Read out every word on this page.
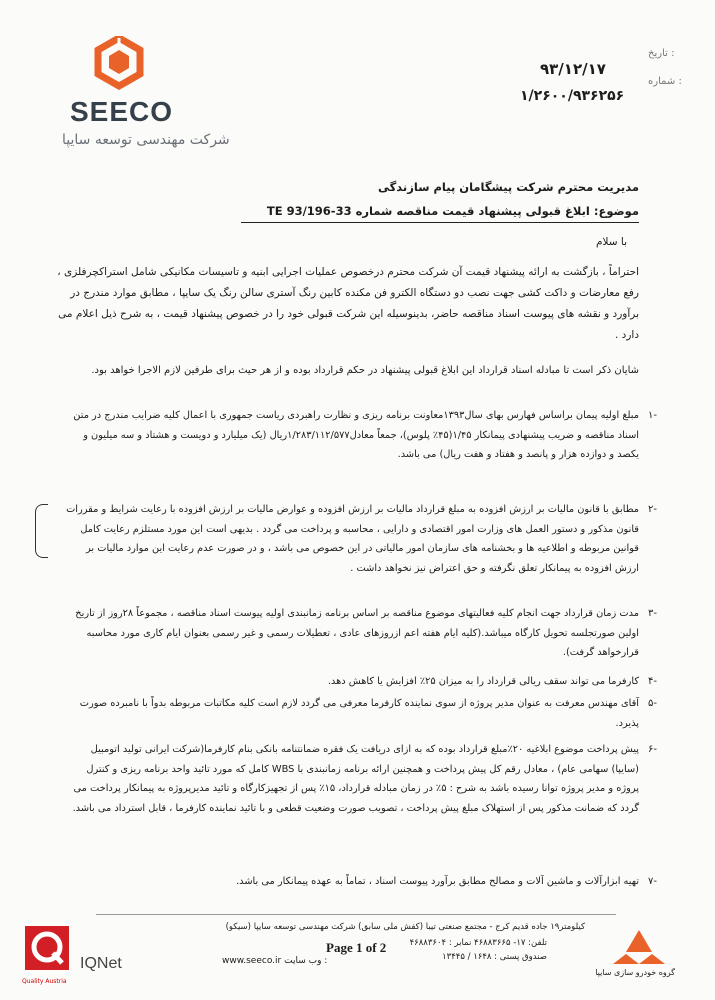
SEECO
شرکت مهندسی توسعه سایپا
: تاریخ
۹۳/۱۲/۱۷
: شماره
۱/۲۶۰۰/۹۳۶۲۵۶
مدیریت محترم شرکت پیشگامان پیام سازندگی
موضوع: ابلاغ قبولی پیشنهاد قیمت مناقصه شماره 33-TE 93/196
با سلام
احتراماً ، بازگشت به ارائه پیشنهاد قیمت آن شرکت محترم درخصوص عملیات اجرایی ابنیه و تاسیسات مکانیکی شامل استراکچرفلزی ، رفع معارضات و داکت کشی جهت نصب دو دستگاه الکترو فن مکنده کابین رنگ آستری سالن رنگ یک سایپا ، مطابق موارد مندرج در برآورد و نقشه های پیوست اسناد مناقصه حاضر، بدینوسیله این شرکت قبولی خود را در خصوص پیشنهاد قیمت ، به شرح ذیل اعلام می دارد .
شایان ذکر است تا مبادله اسناد قرارداد این ابلاغ قبولی پیشنهاد در حکم قرارداد بوده و از هر حیث برای طرفین لازم الاجرا خواهد بود.
-۱
مبلغ اولیه پیمان براساس فهارس بهای سال۱۳۹۳معاونت برنامه ریزی و نظارت راهبردی ریاست جمهوری با اعمال کلیه ضرایب مندرج در متن اسناد مناقصه و ضریب پیشنهادی پیمانکار ۱/۴۵(۴۵٪ پلوس)، جمعاً معادل۱/۲۸۳/۱۱۲/۵۷۷ریال (یک میلیارد و دویست و هشتاد و سه میلیون و یکصد و دوازده هزار و پانصد و هفتاد و هفت ریال) می باشد.
-۲
مطابق با قانون مالیات بر ارزش افزوده به مبلغ قرارداد مالیات بر ارزش افزوده و عوارض مالیات بر ارزش افزوده با رعایت شرایط و مقررات قانون مذکور و دستور العمل های وزارت امور اقتصادی و دارایی ، محاسبه و پرداخت می گردد . بدیهی است این مورد مستلزم رعایت کامل قوانین مربوطه و اطلاعیه ها و بخشنامه های سازمان امور مالیاتی در این خصوص می باشد ، و در صورت عدم رعایت این موارد مالیات بر ارزش افزوده به پیمانکار تعلق نگرفته و حق اعتراض نیز نخواهد داشت .
-۳
مدت زمان قرارداد جهت انجام کلیه فعالیتهای موضوع مناقصه بر اساس برنامه زمانبندی اولیه پیوست اسناد مناقصه ، مجموعاً ۲۸روز از تاریخ اولین صورتجلسه تحویل کارگاه میباشد.(کلیه ایام هفته اعم ازروزهای عادی ، تعطیلات رسمی و غیر رسمی بعنوان ایام کاری مورد محاسبه قرارخواهد گرفت).
-۴
کارفرما می تواند سقف ریالی قرارداد را به میزان ۲۵٪ افزایش یا کاهش دهد.
-۵
آقای مهندس معرفت به عنوان مدیر پروژه از سوی نماینده کارفرما معرفی می گردد لازم است کلیه مکاتبات مربوطه بدواً با نامبرده صورت پذیرد.
-۶
پیش پرداخت موضوع ابلاغیه ۲۰٪مبلغ قرارداد بوده که به ازای دریافت یک فقره ضمانتنامه بانکی بنام کارفرما(شرکت ایرانی تولید اتومبیل (سایپا) سهامی عام) ، معادل رقم کل پیش پرداخت و همچنین ارائه برنامه زمانبندی با WBS کامل که مورد تائید واحد برنامه ریزی و کنترل پروژه و مدیر پروژه توانا رسیده باشد به شرح : ۵٪ در زمان مبادله قرارداد، ۱۵٪ پس از تجهیزکارگاه و تائید مدیرپروژه به پیمانکار پرداخت می گردد که ضمانت مذکور پس از استهلاک مبلغ پیش پرداخت ، تصویب صورت وضعیت قطعی و با تائید نماینده کارفرما ، قابل استرداد می باشد.
-۷
تهیه ابزارآلات و ماشین آلات و مصالح مطابق برآورد پیوست اسناد ، تماماً به عهده پیمانکار می باشد.
کیلومتر۱۹ جاده قدیم کرج - مجتمع صنعتی تیبا (کفش ملی سابق) شرکت مهندسی توسعه سایپا (سیکو)
تلفن: ۱۷- ۴۶۸۸۳۶۶۵ نمابر : ۴۶۸۸۳۶۰۴
صندوق پستی : ۱۶۴۸ / ۱۳۴۴۵
Page 1 of 2
www.seeco.ir وب سایت :
Quality Austria
IQNet
گروه خودرو سازی سایپا
